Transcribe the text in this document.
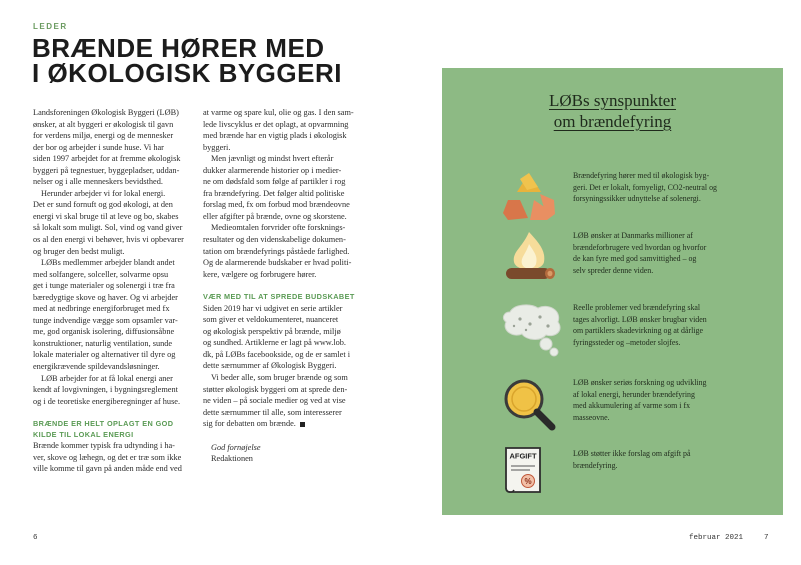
LEDER
BRÆNDE HØRER MED
I ØKOLOGISK BYGGERI

Landsforeningen Økologisk Byggeri (LØB)

ønsker, at alt byggeri er økologisk til gavn

for verdens miljø, energi og de mennesker

der bor og arbejder i sunde huse. Vi har

siden 1997 arbejdet for at fremme økologisk

byggeri på tegnestuer, byggepladser, uddan-

nelser og i alle menneskers bevidsthed.

Herunder arbejder vi for lokal energi.

Det er sund fornuft og god økologi, at den

energi vi skal bruge til at leve og bo, skabes

så lokalt som muligt. Sol, vind og vand giver

os al den energi vi behøver, hvis vi opbevarer

og bruger den bedst muligt.

LØBs medlemmer arbejder blandt andet

med solfangere, solceller, solvarme opsu

get i tunge materialer og solenergi i træ fra

bæredygtige skove og haver. Og vi arbejder

med at nedbringe energiforbruget med fx

tunge indvendige vægge som opsamler var-

me, god organisk isolering, diffusionsåbne

konstruktioner, naturlig ventilation, sunde

lokale materialer og alternativer til dyre og

energikrævende spildevandsløsninger.

LØB arbejder for at få lokal energi aner

kendt af lovgivningen, i bygningsreglement

og i de teoretiske energiberegninger af huse.

BRÆNDE ER HELT OPLAGT EN GOD
KILDE TIL LOKAL ENERGI

Brænde kommer typisk fra udtynding i ha-

ver, skove og læhegn, og det er træ som ikke

ville komme til gavn på anden måde end ved

at varme og spare kul, olie og gas. I den sam-

lede livscyklus er det oplagt, at opvarmning

med brænde har en vigtig plads i økologisk

byggeri.

Men jævnligt og mindst hvert efterår

dukker alarmerende historier op i medier-

ne om dødsfald som følge af partikler i rog

fra brændefyring. Det følger altid politiske

forslag med, fx om forbud mod brændeovne

eller afgifter på brænde, ovne og skorstene.

Medieomtalen forvrider ofte forsknings-

resultater og den videnskabelige dokumen-

tation om brændefyrings påståede farlighed.

Og de alarmerende budskaber er hvad politi-

kere, vælgere og forbrugere hører.

VÆR MED TIL AT SPREDE BUDSKABET

Siden 2019 har vi udgivet en serie artikler

som giver et veldokumenteret, nuanceret

og økologisk perspektiv på brænde, miljø

og sundhed. Artiklerne er lagt på www.lob.

dk, på LØBs facebookside, og de er samlet i

dette særnummer af Økologisk Byggeri.

Vi beder alle, som bruger brænde og som

støtter økologisk byggeri om at sprede den-

ne viden – på sociale medier og ved at vise

dette særnummer til alle, som interesserer

sig for debatten om brænde.

God fornøjelse

Redaktionen

LØBs synspunkter
om brændefyring
Brændefyring hører med til økologisk byg-
geri. Det er lokalt, fornyeligt, CO2-neutral og
forsyningssikker udnyttelse af solenergi.
LØB ønsker at Danmarks millioner af
brændeforbrugere ved hvordan og hvorfor
de kan fyre med god samvittighed – og
selv spreder denne viden.
Reelle problemer ved brændefyring skal
tages alvorligt. LØB ønsker brugbar viden
om partiklers skadevirkning og at dårlige
fyringssteder og –metoder slojfes.
LØB ønsker seriøs forskning og udvikling
af lokal energi, herunder brændefyring
med akkumulering af varme som i fx
masseovne.
AFGIFT
%
LØB støtter ikke forslag om afgift på
brændefyring.
6	februar 2021	7
